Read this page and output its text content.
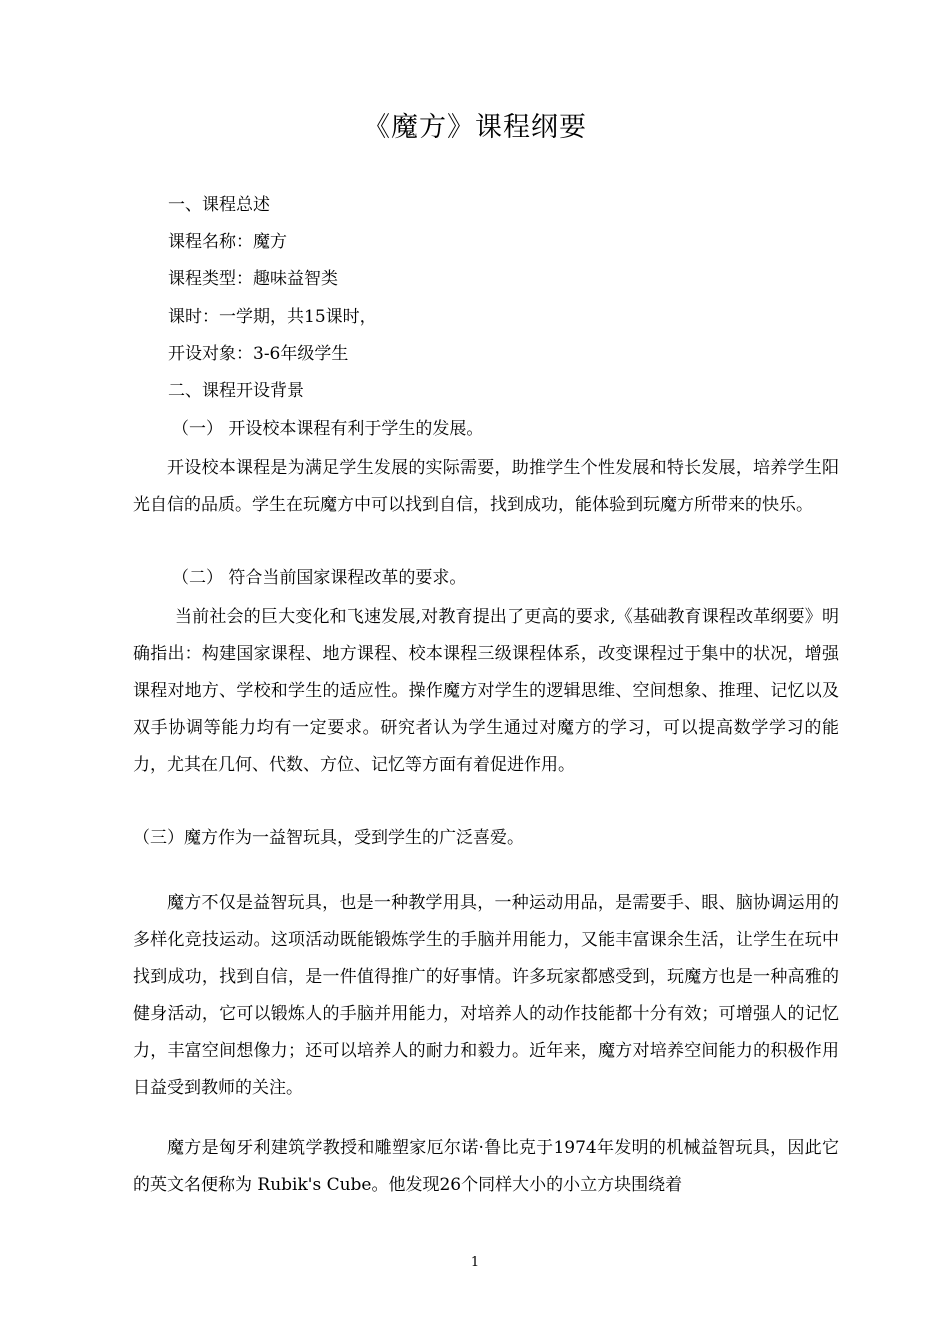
《魔方》课程纲要
一、课程总述
课程名称：魔方
课程类型：趣味益智类
课时：一学期，共15课时，
开设对象：3-6年级学生
二、课程开设背景
（一） 开设校本课程有利于学生的发展。
开设校本课程是为满足学生发展的实际需要，助推学生个性发展和特长发展，培养学生阳光自信的品质。学生在玩魔方中可以找到自信，找到成功，能体验到玩魔方所带来的快乐。
（二） 符合当前国家课程改革的要求。
当前社会的巨大变化和飞速发展,对教育提出了更高的要求,《基础教育课程改革纲要》明确指出：构建国家课程、地方课程、校本课程三级课程体系，改变课程过于集中的状况，增强课程对地方、学校和学生的适应性。操作魔方对学生的逻辑思维、空间想象、推理、记忆以及双手协调等能力均有一定要求。研究者认为学生通过对魔方的学习，可以提高数学学习的能力，尤其在几何、代数、方位、记忆等方面有着促进作用。
（三）魔方作为一益智玩具，受到学生的广泛喜爱。
魔方不仅是益智玩具，也是一种教学用具，一种运动用品，是需要手、眼、脑协调运用的多样化竞技运动。这项活动既能锻炼学生的手脑并用能力，又能丰富课余生活，让学生在玩中找到成功，找到自信，是一件值得推广的好事情。许多玩家都感受到，玩魔方也是一种高雅的健身活动，它可以锻炼人的手脑并用能力，对培养人的动作技能都十分有效；可增强人的记忆力，丰富空间想像力；还可以培养人的耐力和毅力。近年来，魔方对培养空间能力的积极作用日益受到教师的关注。
魔方是匈牙利建筑学教授和雕塑家厄尔诺·鲁比克于1974年发明的机械益智玩具，因此它的英文名便称为 Rubik's Cube。他发现26个同样大小的小立方块围绕着
1
